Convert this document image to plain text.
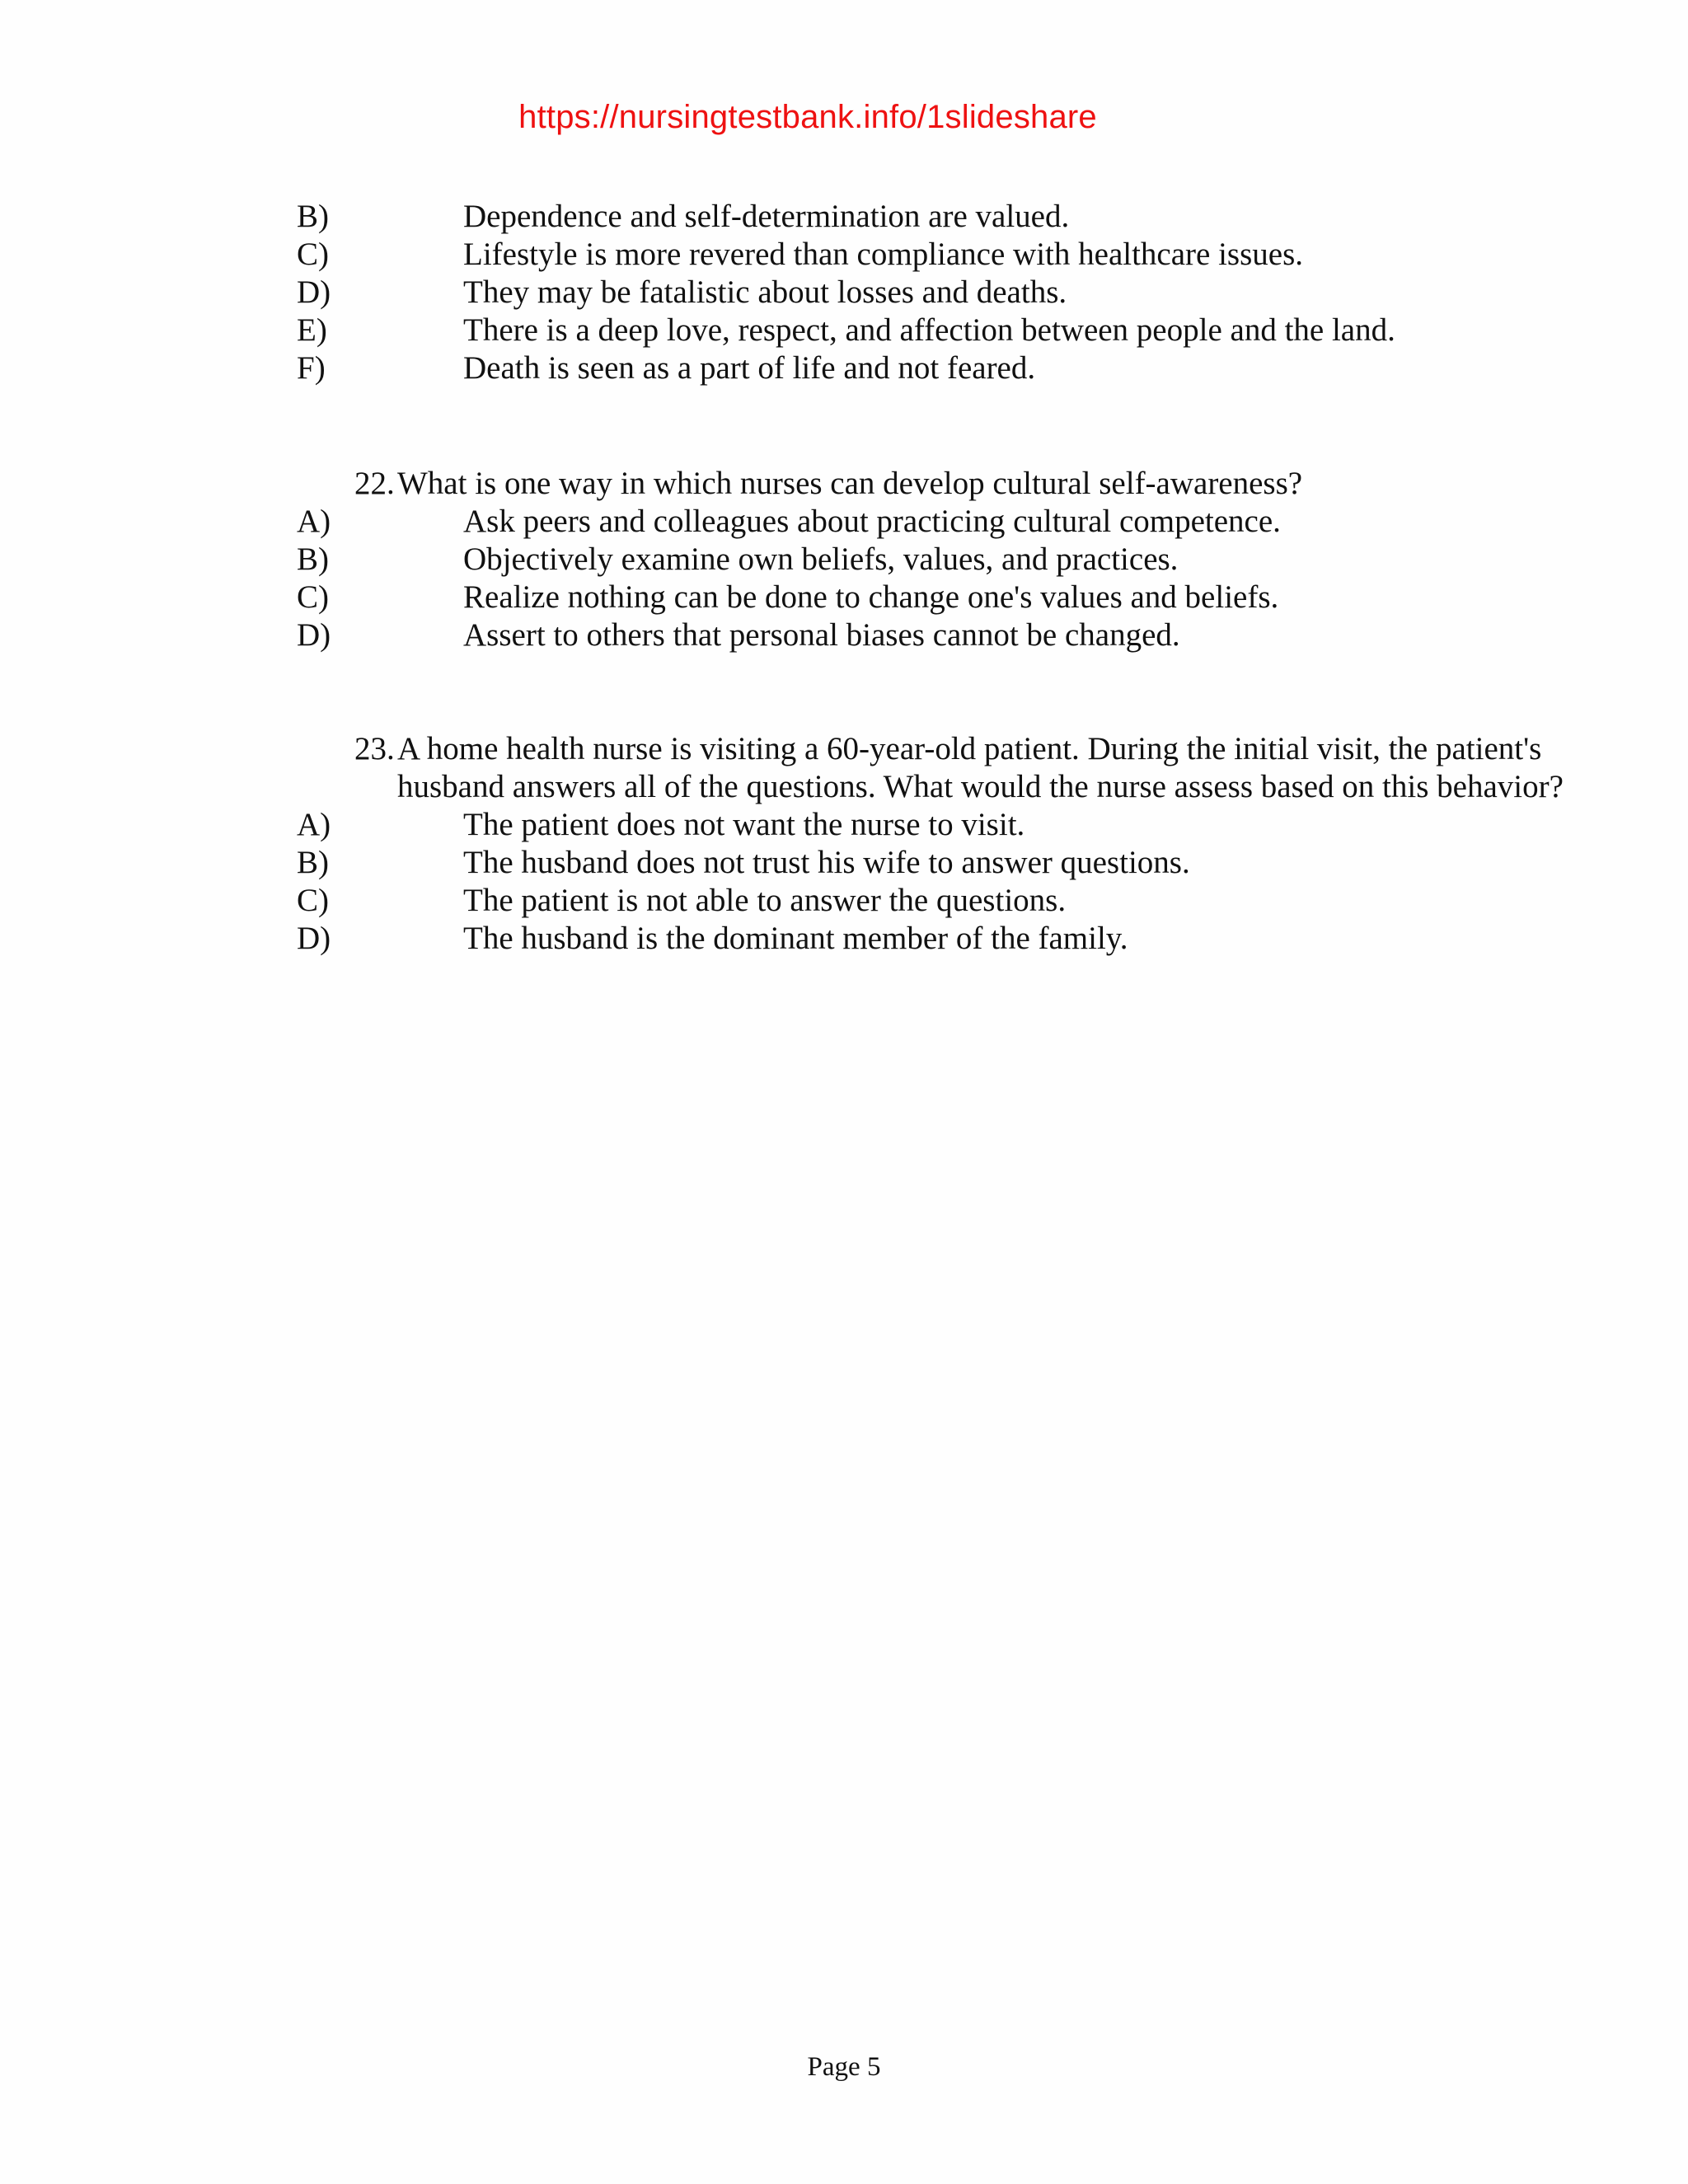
https://nursingtestbank.info/1slideshare
B)	Dependence and self-determination are valued.
C)	Lifestyle is more revered than compliance with healthcare issues.
D)	They may be fatalistic about losses and deaths.
E)	There is a deep love, respect, and affection between people and the land.
F)	Death is seen as a part of life and not feared.
22. What is one way in which nurses can develop cultural self-awareness?
A)	Ask peers and colleagues about practicing cultural competence.
B)	Objectively examine own beliefs, values, and practices.
C)	Realize nothing can be done to change one's values and beliefs.
D)	Assert to others that personal biases cannot be changed.
23. A home health nurse is visiting a 60-year-old patient. During the initial visit, the patient's husband answers all of the questions. What would the nurse assess based on this behavior?
A)	The patient does not want the nurse to visit.
B)	The husband does not trust his wife to answer questions.
C)	The patient is not able to answer the questions.
D)	The husband is the dominant member of the family.
Page 5
